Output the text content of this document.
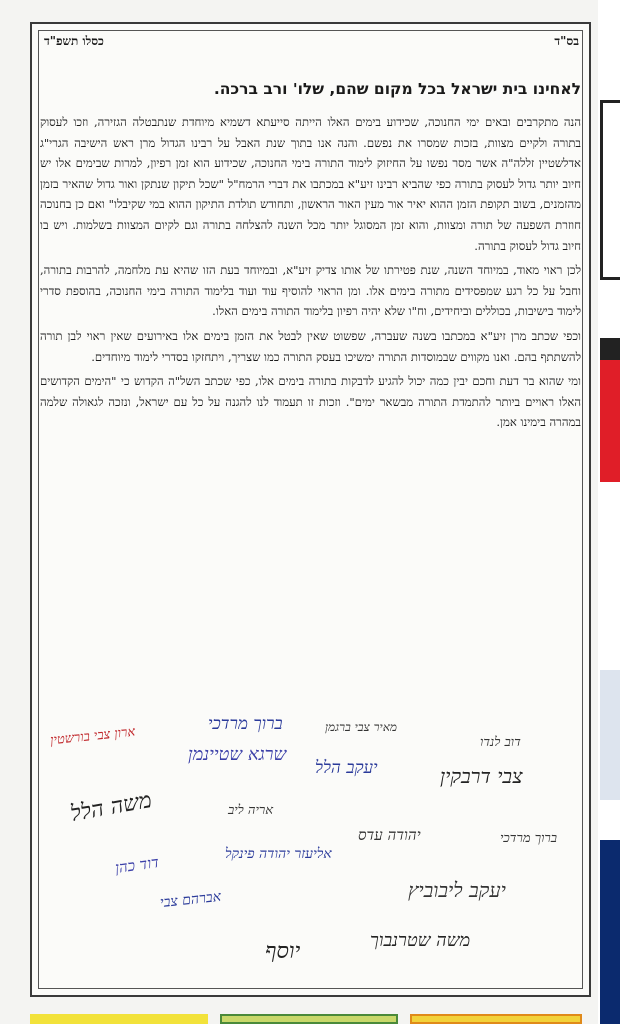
בס"ד
כסלו תשפ"ד
לאחינו בית ישראל בכל מקום שהם, שלו' ורב ברכה.

הנה מתקרבים ובאים ימי החנוכה, שכידוע בימים האלו הייתה סייעתא דשמיא מיוחדת שנתבטלה הגזירה, וזכו לעסוק בתורה ולקיים מצוות, בזכות שמסרו את נפשם. והנה אנו בתוך שנת האבל על רבינו הגדול מרן ראש הישיבה הגרי"ג אדלשטיין זללה"ה אשר מסר נפשו על החיזוק לימוד התורה בימי החנוכה, שכידוע הוא זמן רפיון, למרות שבימים אלו יש חיוב יותר גדול לעסוק בתורה כפי שהביא רבינו זיע"א במכתבו את דברי הרמח"ל "שכל תיקון שנתקן ואור גדול שהאיר בזמן מהזמנים, בשוב תקופת הזמן ההוא יאיר אור מעין האור הראשון, ותחודש תולדת התיקון ההוא במי שקיבלו" ואם כן בחנוכה חוזרת השפעה של תורה ומצוות, והוא זמן המסוגל יותר מכל השנה להצלחה בתורה וגם לקיום המצוות בשלמות. ויש בו חיוב גדול לעסוק בתורה.

לכן ראוי מאוד, במיוחד השנה, שנת פטירתו של אותו צדיק זיע"א, ובמיוחד בעת הזו שהיא עת מלחמה, להרבות בתורה, וחבל על כל רגע שמפסידים מתורה בימים אלו. ומן הראוי להוסיף עוד ועוד בלימוד התורה בימי החנוכה, בהוספת סדרי לימוד בישיבות, בכוללים וביחידים, וח"ו שלא יהיה רפיון בלימוד התורה בימים האלו.

וכפי שכתב מרן זיע"א במכתבו בשנה שעברה, שפשוט שאין לבטל את הזמן בימים אלו באירועים שאין ראוי לבן תורה להשתתף בהם. ואנו מקווים שבמוסדות התורה ימשיכו בעסק התורה כמו שצריך, ויתחזקו בסדרי לימוד מיוחדים.

ומי שהוא בר דעת וחכם יבין כמה יכול להגיע לדבקות בתורה בימים אלו, כפי שכתב השל"ה הקדוש כי "הימים הקדושים האלו ראויים ביותר להתמדת התורה מבשאר ימים". וזכות זו תעמוד לנו להגנה על כל עם ישראל, ונזכה לגאולה שלמה במהרה בימינו אמן.

ברוך מרדכי	מאיר צבי ברגמן
ארון צבי בורשטין
שרגא שטיינמן
דוב לנדו
צבי דרבקין
יעקב הלל
משה הלל	אריה ליב
יהודה עדס	ברוך מרדכי
אליעזר יהודה פינקל
דוד כהן
אברהם צבי	יעקב ליבוביץ
משה שטרנבוך
יוסף
